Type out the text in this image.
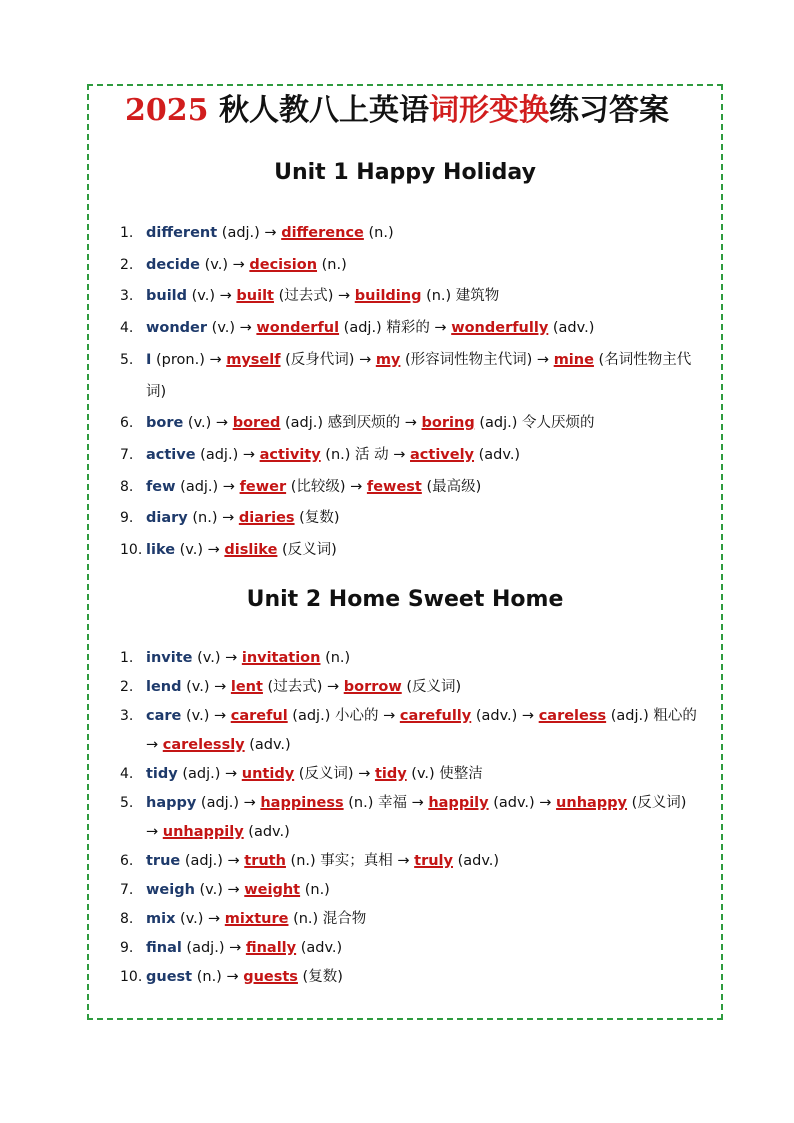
2025 秋人教八上英语词形变换练习答案
Unit 1 Happy Holiday
1. different (adj.) → difference (n.)
2. decide (v.) → decision (n.)
3. build (v.) → built (过去式) → building (n.) 建筑物
4. wonder (v.) → wonderful (adj.) 精彩的 → wonderfully (adv.)
5. I (pron.) → myself (反身代词) → my (形容词性物主代词) → mine (名词性物主代
词)
6. bore (v.) → bored (adj.) 感到厌烦的 → boring (adj.) 令人厌烦的
7. active (adj.) → activity (n.) 活 动 → actively (adv.)
8. few (adj.) → fewer (比较级) → fewest (最高级)
9. diary (n.) → diaries (复数)
10. like (v.) → dislike (反义词)
Unit 2 Home Sweet Home
1. invite (v.) → invitation (n.)
2. lend (v.) → lent (过去式) → borrow (反义词)
3. care (v.) → careful (adj.) 小心的 → carefully (adv.) → careless (adj.) 粗心的
→ carelessly (adv.)
4. tidy (adj.) → untidy (反义词) → tidy (v.) 使整洁
5. happy (adj.) → happiness (n.) 幸福 → happily (adv.) → unhappy (反义词)
→ unhappily (adv.)
6. true (adj.) → truth (n.) 事实；真相 → truly (adv.)
7. weigh (v.) → weight (n.)
8. mix (v.) → mixture (n.) 混合物
9. final (adj.) → finally (adv.)
10. guest (n.) → guests (复数)
